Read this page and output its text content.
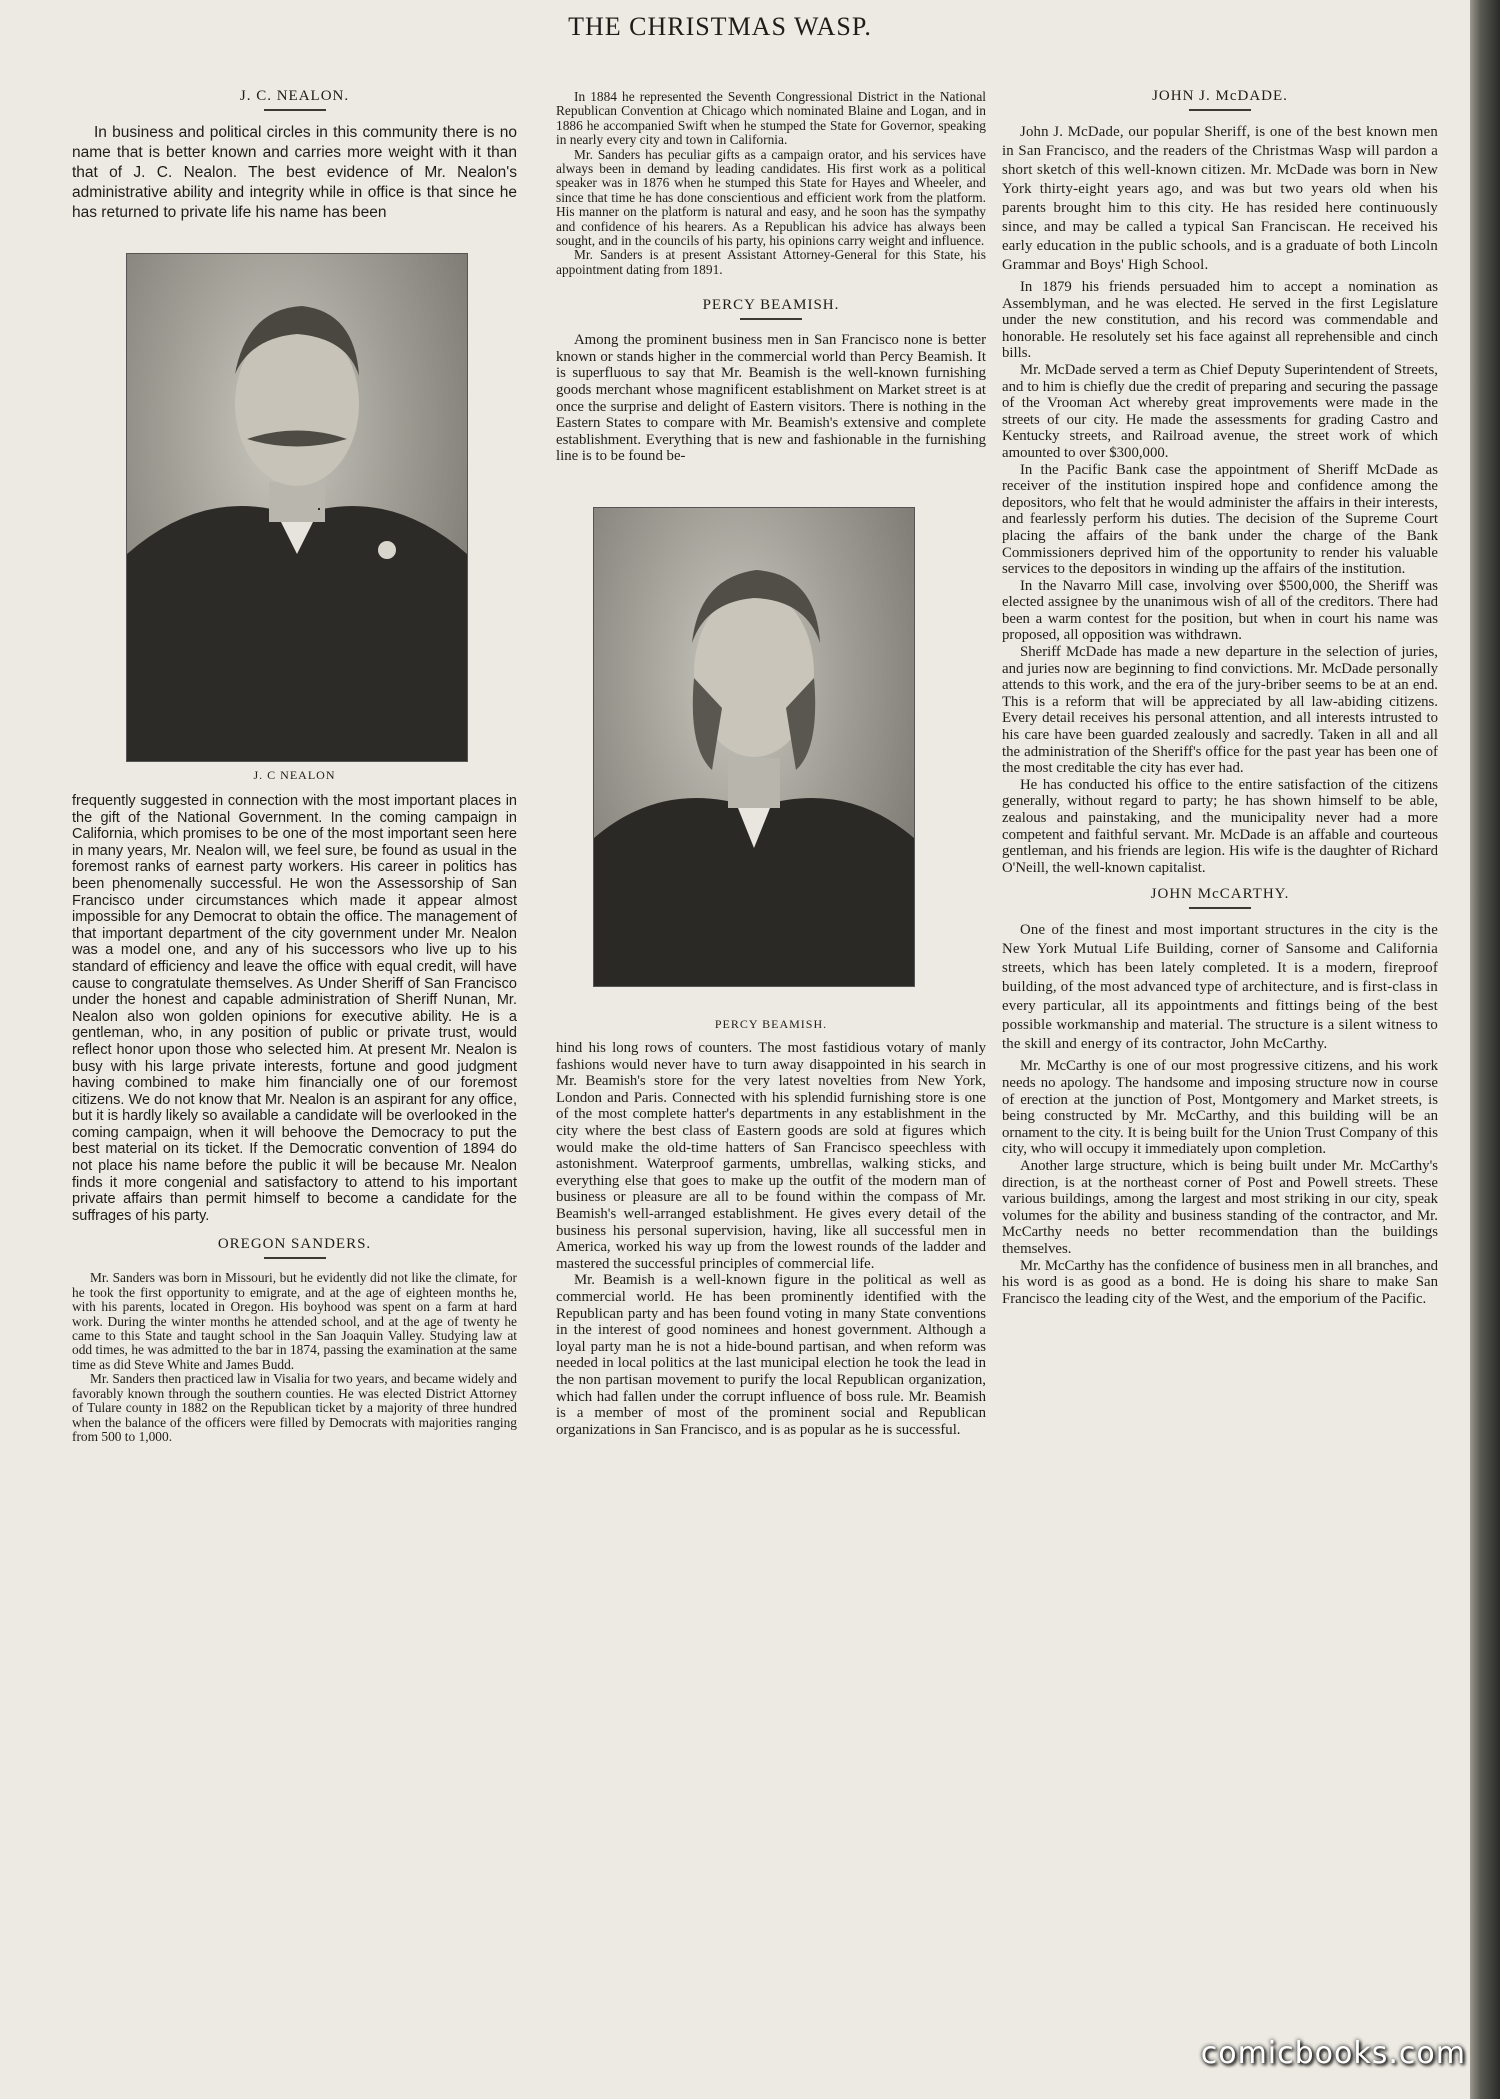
THE CHRISTMAS WASP.
J. C. NEALON.

In business and political circles in this community there is no name that is better known and carries more weight with it than that of J. C. Nealon. The best evidence of Mr. Nealon's administrative ability and integrity while in office is that since he has returned to private life his name has been

J. C NEALON

frequently suggested in connection with the most important places in the gift of the National Government. In the coming campaign in California, which promises to be one of the most important seen here in many years, Mr. Nealon will, we feel sure, be found as usual in the foremost ranks of earnest party workers. His career in politics has been phenomenally successful. He won the Assessorship of San Francisco under circumstances which made it appear almost impossible for any Democrat to obtain the office. The management of that important department of the city government under Mr. Nealon was a model one, and any of his successors who live up to his standard of efficiency and leave the office with equal credit, will have cause to congratulate themselves. As Under Sheriff of San Francisco under the honest and capable administration of Sheriff Nunan, Mr. Nealon also won golden opinions for executive ability. He is a gentleman, who, in any position of public or private trust, would reflect honor upon those who selected him. At present Mr. Nealon is busy with his large private interests, fortune and good judgment having combined to make him financially one of our foremost citizens. We do not know that Mr. Nealon is an aspirant for any office, but it is hardly likely so available a candidate will be overlooked in the coming campaign, when it will behoove the Democracy to put the best material on its ticket. If the Democratic convention of 1894 do not place his name before the public it will be because Mr. Nealon finds it more congenial and satisfactory to attend to his important private affairs than permit himself to become a candidate for the suffrages of his party.

OREGON SANDERS.

Mr. Sanders was born in Missouri, but he evidently did not like the climate, for he took the first opportunity to emigrate, and at the age of eighteen months he, with his parents, located in Oregon. His boyhood was spent on a farm at hard work. During the winter months he attended school, and at the age of twenty he came to this State and taught school in the San Joaquin Valley. Studying law at odd times, he was admitted to the bar in 1874, passing the examination at the same time as did Steve White and James Budd.

Mr. Sanders then practiced law in Visalia for two years, and became widely and favorably known through the southern counties. He was elected District Attorney of Tulare county in 1882 on the Republican ticket by a majority of three hundred when the balance of the officers were filled by Democrats with majorities ranging from 500 to 1,000.

In 1884 he represented the Seventh Congressional District in the National Republican Convention at Chicago which nominated Blaine and Logan, and in 1886 he accompanied Swift when he stumped the State for Governor, speaking in nearly every city and town in California.

Mr. Sanders has peculiar gifts as a campaign orator, and his services have always been in demand by leading candidates. His first work as a political speaker was in 1876 when he stumped this State for Hayes and Wheeler, and since that time he has done conscientious and efficient work from the platform. His manner on the platform is natural and easy, and he soon has the sympathy and confidence of his hearers. As a Republican his advice has always been sought, and in the councils of his party, his opinions carry weight and influence.

Mr. Sanders is at present Assistant Attorney-General for this State, his appointment dating from 1891.

PERCY BEAMISH.

Among the prominent business men in San Francisco none is better known or stands higher in the commercial world than Percy Beamish. It is superfluous to say that Mr. Beamish is the well-known furnishing goods merchant whose magnificent establishment on Market street is at once the surprise and delight of Eastern visitors. There is nothing in the Eastern States to compare with Mr. Beamish's extensive and complete establishment. Everything that is new and fashionable in the furnishing line is to be found be-

PERCY BEAMISH.

hind his long rows of counters. The most fastidious votary of manly fashions would never have to turn away disappointed in his search in Mr. Beamish's store for the very latest novelties from New York, London and Paris. Connected with his splendid furnishing store is one of the most complete hatter's departments in any establishment in the city where the best class of Eastern goods are sold at figures which would make the old-time hatters of San Francisco speechless with astonishment. Waterproof garments, umbrellas, walking sticks, and everything else that goes to make up the outfit of the modern man of business or pleasure are all to be found within the compass of Mr. Beamish's well-arranged establishment. He gives every detail of the business his personal supervision, having, like all successful men in America, worked his way up from the lowest rounds of the ladder and mastered the successful principles of commercial life.

Mr. Beamish is a well-known figure in the political as well as commercial world. He has been prominently identified with the Republican party and has been found voting in many State conventions in the interest of good nominees and honest government. Although a loyal party man he is not a hide-bound partisan, and when reform was needed in local politics at the last municipal election he took the lead in the non partisan movement to purify the local Republican organization, which had fallen under the corrupt influence of boss rule. Mr. Beamish is a member of most of the prominent social and Republican organizations in San Francisco, and is as popular as he is successful.

JOHN J. McDADE.

John J. McDade, our popular Sheriff, is one of the best known men in San Francisco, and the readers of the Christmas Wasp will pardon a short sketch of this well-known citizen. Mr. McDade was born in New York thirty-eight years ago, and was but two years old when his parents brought him to this city. He has resided here continuously since, and may be called a typical San Franciscan. He received his early education in the public schools, and is a graduate of both Lincoln Grammar and Boys' High School.

In 1879 his friends persuaded him to accept a nomination as Assemblyman, and he was elected. He served in the first Legislature under the new constitution, and his record was commendable and honorable. He resolutely set his face against all reprehensible and cinch bills.

Mr. McDade served a term as Chief Deputy Superintendent of Streets, and to him is chiefly due the credit of preparing and securing the passage of the Vrooman Act whereby great improvements were made in the streets of our city. He made the assessments for grading Castro and Kentucky streets, and Railroad avenue, the street work of which amounted to over $300,000.

In the Pacific Bank case the appointment of Sheriff McDade as receiver of the institution inspired hope and confidence among the depositors, who felt that he would administer the affairs in their interests, and fearlessly perform his duties. The decision of the Supreme Court placing the affairs of the bank under the charge of the Bank Commissioners deprived him of the opportunity to render his valuable services to the depositors in winding up the affairs of the institution.

In the Navarro Mill case, involving over $500,000, the Sheriff was elected assignee by the unanimous wish of all of the creditors. There had been a warm contest for the position, but when in court his name was proposed, all opposition was withdrawn.

Sheriff McDade has made a new departure in the selection of juries, and juries now are beginning to find convictions. Mr. McDade personally attends to this work, and the era of the jury-briber seems to be at an end. This is a reform that will be appreciated by all law-abiding citizens. Every detail receives his personal attention, and all interests intrusted to his care have been guarded zealously and sacredly. Taken in all and all the administration of the Sheriff's office for the past year has been one of the most creditable the city has ever had.

He has conducted his office to the entire satisfaction of the citizens generally, without regard to party; he has shown himself to be able, zealous and painstaking, and the municipality never had a more competent and faithful servant. Mr. McDade is an affable and courteous gentleman, and his friends are legion. His wife is the daughter of Richard O'Neill, the well-known capitalist.

JOHN McCARTHY.

One of the finest and most important structures in the city is the New York Mutual Life Building, corner of Sansome and California streets, which has been lately completed. It is a modern, fireproof building, of the most advanced type of architecture, and is first-class in every particular, all its appointments and fittings being of the best possible workmanship and material. The structure is a silent witness to the skill and energy of its contractor, John McCarthy.

Mr. McCarthy is one of our most progressive citizens, and his work needs no apology. The handsome and imposing structure now in course of erection at the junction of Post, Montgomery and Market streets, is being constructed by Mr. McCarthy, and this building will be an ornament to the city. It is being built for the Union Trust Company of this city, who will occupy it immediately upon completion.

Another large structure, which is being built under Mr. McCarthy's direction, is at the northeast corner of Post and Powell streets. These various buildings, among the largest and most striking in our city, speak volumes for the ability and business standing of the contractor, and Mr. McCarthy needs no better recommendation than the buildings themselves.

Mr. McCarthy has the confidence of business men in all branches, and his word is as good as a bond. He is doing his share to make San Francisco the leading city of the West, and the emporium of the Pacific.

comicbooks.com
